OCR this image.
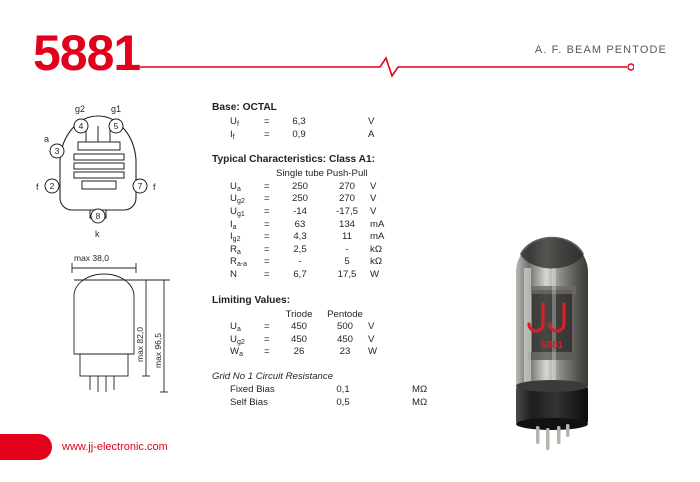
5881	A. F. BEAM PENTODE
4	5
3
2	7
8
g2	g1
a
f	f
k
max 38,0
max 82,0 max 96,5
Base: OCTAL
$U_f$	=	6,3		V
$I_f$	=	0,9		A
Typical Characteristics: Class A1:
		Single tube	Push-Pull	
$U_a$	=	250	270	V
$U_{g2}$	=	250	270	V
$U_{g1}$	=	-14	-17,5	V
$I_a$	=	63	134	mA
$I_{g2}$	=	4,3	11	mA
$R_a$	=	2,5	-	kΩ
$R_{a-a}$	=	-	5	kΩ
N	=	6,7	17,5	W
Limiting Values:
		Triode	Pentode	
$U_a$	=	450	500	V
$U_{g2}$	=	450	450	V
$W_a$	=	26	23	W
Grid No 1 Circuit Resistance
Fixed Bias	0,1		MΩ
Self Bias	0,5		MΩ
5881
www.jj-electronic.com
